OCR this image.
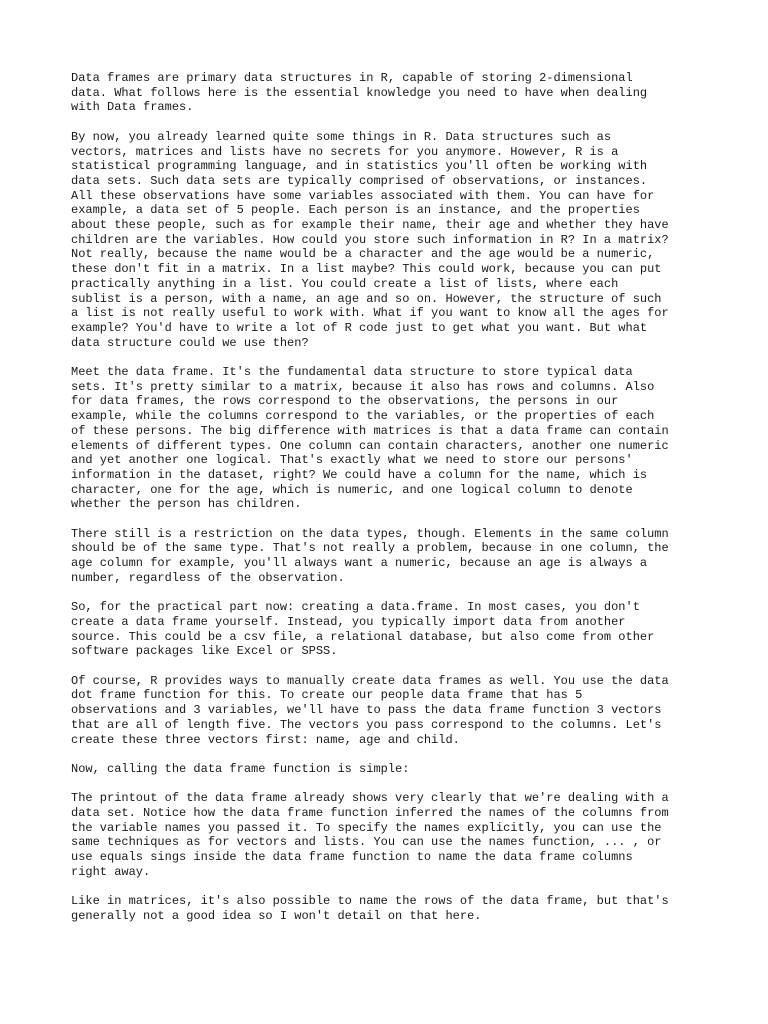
Data frames are primary data structures in R, capable of storing 2-dimensional
data. What follows here is the essential knowledge you need to have when dealing
with Data frames.

By now, you already learned quite some things in R. Data structures such as
vectors, matrices and lists have no secrets for you anymore. However, R is a
statistical programming language, and in statistics you'll often be working with
data sets. Such data sets are typically comprised of observations, or instances.
All these observations have some variables associated with them. You can have for
example, a data set of 5 people. Each person is an instance, and the properties
about these people, such as for example their name, their age and whether they have
children are the variables. How could you store such information in R? In a matrix?
Not really, because the name would be a character and the age would be a numeric,
these don't fit in a matrix. In a list maybe? This could work, because you can put
practically anything in a list. You could create a list of lists, where each
sublist is a person, with a name, an age and so on. However, the structure of such
a list is not really useful to work with. What if you want to know all the ages for
example? You'd have to write a lot of R code just to get what you want. But what
data structure could we use then?

Meet the data frame. It's the fundamental data structure to store typical data
sets. It's pretty similar to a matrix, because it also has rows and columns. Also
for data frames, the rows correspond to the observations, the persons in our
example, while the columns correspond to the variables, or the properties of each
of these persons. The big difference with matrices is that a data frame can contain
elements of different types. One column can contain characters, another one numeric
and yet another one logical. That's exactly what we need to store our persons'
information in the dataset, right? We could have a column for the name, which is
character, one for the age, which is numeric, and one logical column to denote
whether the person has children.

There still is a restriction on the data types, though. Elements in the same column
should be of the same type. That's not really a problem, because in one column, the
age column for example, you'll always want a numeric, because an age is always a
number, regardless of the observation.

So, for the practical part now: creating a data.frame. In most cases, you don't
create a data frame yourself. Instead, you typically import data from another
source. This could be a csv file, a relational database, but also come from other
software packages like Excel or SPSS.

Of course, R provides ways to manually create data frames as well. You use the data
dot frame function for this. To create our people data frame that has 5
observations and 3 variables, we'll have to pass the data frame function 3 vectors
that are all of length five. The vectors you pass correspond to the columns. Let's
create these three vectors first: name, age and child.

Now, calling the data frame function is simple:

The printout of the data frame already shows very clearly that we're dealing with a
data set. Notice how the data frame function inferred the names of the columns from
the variable names you passed it. To specify the names explicitly, you can use the
same techniques as for vectors and lists. You can use the names function, ... , or
use equals sings inside the data frame function to name the data frame columns
right away.

Like in matrices, it's also possible to name the rows of the data frame, but that's
generally not a good idea so I won't detail on that here.
